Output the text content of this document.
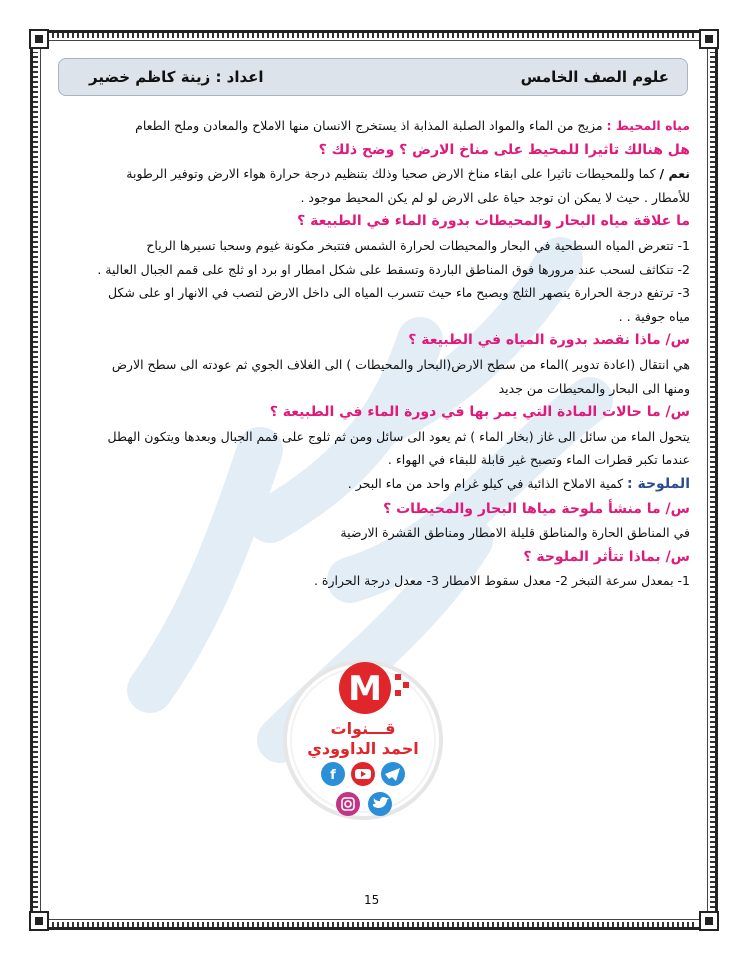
علوم الصف الخامس
اعداد : زينة كاظم خضير

مياه المحيط : مزيج من الماء والمواد الصلبة المذابة اذ يستخرج الانسان منها الاملاح والمعادن وملح الطعام

هل هنالك تاثيرا للمحيط على مناخ الارض ؟ وضح ذلك ؟

نعم / كما وللمحيطات تاثيرا على ابقاء مناخ الارض صحيا وذلك بتنظيم درجة حرارة هواء الارض وتوفير الرطوبة

للأمطار . حيث لا يمكن ان توجد حياة على الارض لو لم يكن المحيط موجود .

ما علاقة مياه البحار والمحيطات بدورة الماء في الطبيعة ؟

1- تتعرض المياه السطحية في البحار والمحيطات لحرارة الشمس فتتبخر مكونة غيوم وسحبا تسيرها الرياح

2- تتكاثف لسحب عند مرورها فوق المناطق الباردة وتسقط على شكل امطار او برد او ثلج على قمم الجبال العالية .

3- ترتفع درجة الحرارة ينصهر الثلج ويصبح ماء حيث تتسرب المياه الى داخل الارض لتصب في الانهار او على شكل

مياه جوفية . .

س/ ماذا نقصد بدورة المياه في الطبيعة ؟

هي انتقال (اعادة تدوير )الماء من سطح الارض(البحار والمحيطات ) الى الغلاف الجوي ثم عودته الى سطح الارض

ومنها الى البحار والمحيطات من جديد

س/ ما حالات المادة التي يمر بها في دورة الماء في الطبيعة ؟

يتحول الماء من سائل الى غاز (بخار الماء ) ثم يعود الى سائل ومن ثم ثلوج على قمم الجبال وبعدها ويتكون الهطل

عندما تكبر قطرات الماء وتصبح غير قابلة للبقاء في الهواء .

الملوحة : كمية الاملاح الذائبة في كيلو غرام واحد من ماء البحر .

س/ ما منشأ ملوحة مياها البحار والمحيطات ؟

في المناطق الحارة والمناطق قليلة الامطار ومناطق القشرة الارضية

س/ بماذا تتأثر الملوحة ؟

1- بمعدل سرعة التبخر 2- معدل سقوط الامطار 3- معدل درجة الحرارة .

M
قـــنوات
احمد الداوودي
f
15
